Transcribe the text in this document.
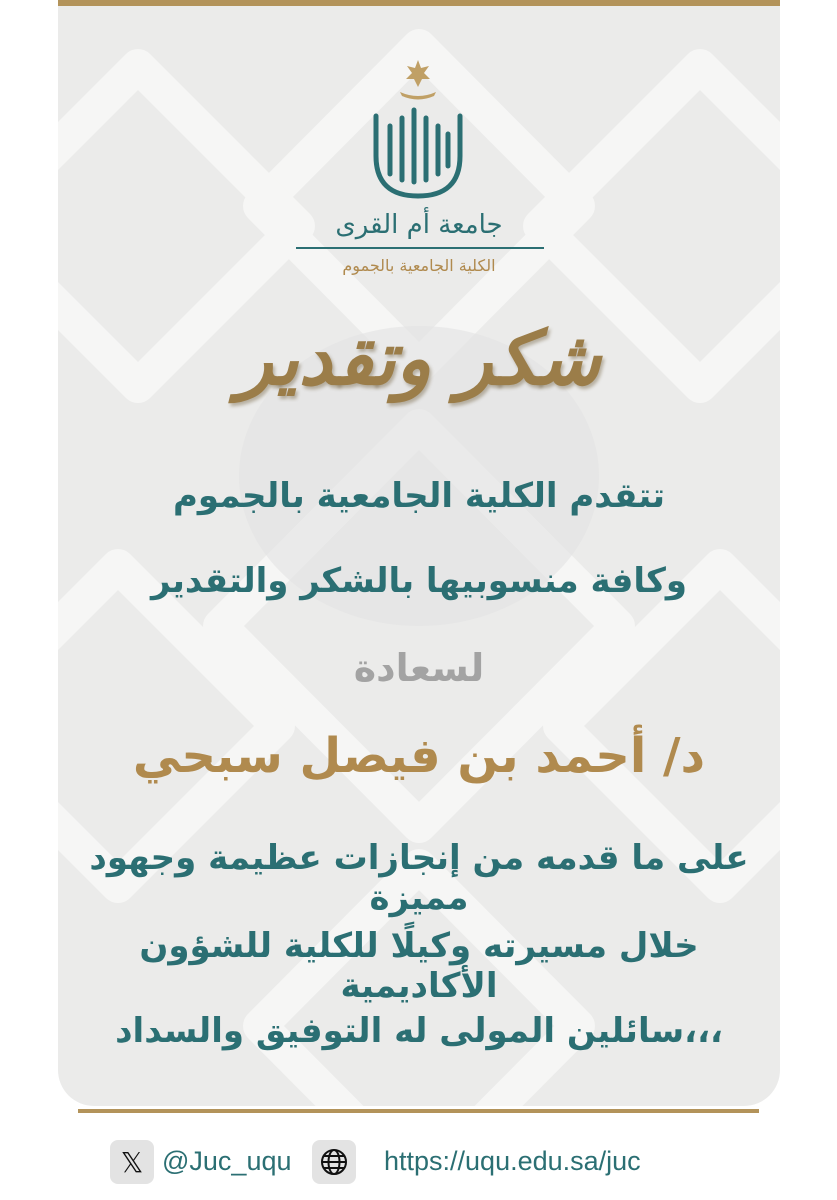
جامعة أم القرى
الكلية الجامعية بالجموم
شكر وتقدير
تتقدم الكلية الجامعية بالجموم
وكافة منسوبيها بالشكر والتقدير
لسعادة
د/ أحمد بن فيصل سبحي
على ما قدمه من إنجازات عظيمة وجهود مميزة
خلال مسيرته وكيلًا للكلية للشؤون الأكاديمية
سائلين المولى له التوفيق والسداد،،،
𝕏 @Juc_uqu	https://uqu.edu.sa/juc
